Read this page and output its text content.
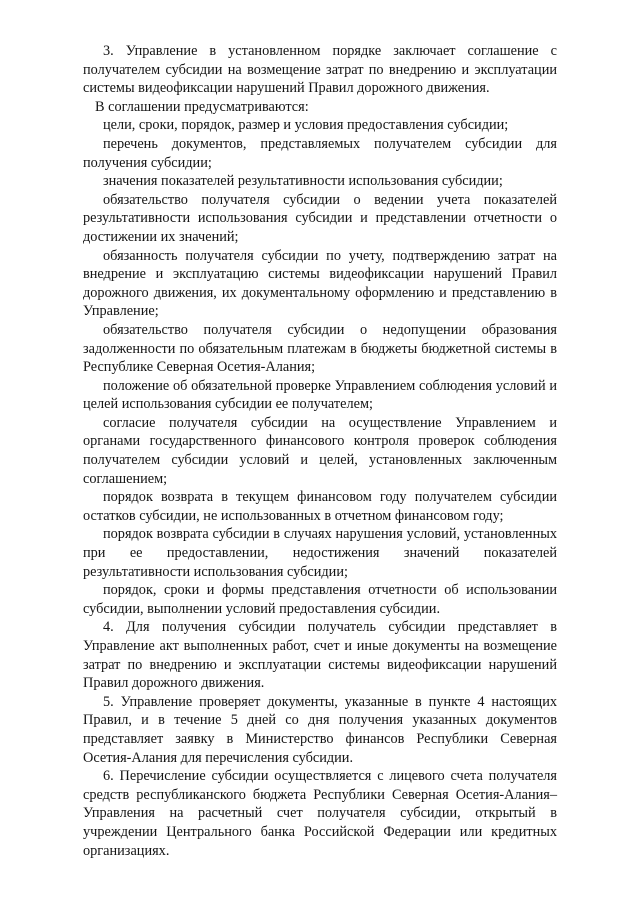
3. Управление в установленном порядке заключает соглашение с получателем субсидии на возмещение затрат по внедрению и эксплуатации системы видеофиксации нарушений Правил дорожного движения.

В соглашении предусматриваются:

цели, сроки, порядок, размер и условия предоставления субсидии;

перечень документов, представляемых получателем субсидии для получения субсидии;

значения показателей результативности использования субсидии;

обязательство получателя субсидии о ведении учета показателей результативности использования субсидии и представлении отчетности о достижении их значений;

обязанность получателя субсидии по учету, подтверждению затрат на внедрение и эксплуатацию системы видеофиксации нарушений Правил дорожного движения, их документальному оформлению и представлению в Управление;

обязательство получателя субсидии о недопущении образования задолженности по обязательным платежам в бюджеты бюджетной системы в Республике Северная Осетия-Алания;

положение об обязательной проверке Управлением соблюдения условий и целей использования субсидии ее получателем;

согласие получателя субсидии на осуществление Управлением и органами государственного финансового контроля проверок соблюдения получателем субсидии условий и целей, установленных заключенным соглашением;

порядок возврата в текущем финансовом году получателем субсидии остатков субсидии, не использованных в отчетном финансовом году;

порядок возврата субсидии в случаях нарушения условий, установленных при ее предоставлении, недостижения значений показателей результативности использования субсидии;

порядок, сроки и формы представления отчетности об использовании субсидии, выполнении условий предоставления субсидии.

4. Для получения субсидии получатель субсидии представляет в Управление акт выполненных работ, счет и иные документы на возмещение затрат по внедрению и эксплуатации системы видеофиксации нарушений Правил дорожного движения.

5. Управление проверяет документы, указанные в пункте 4 настоящих Правил, и в течение 5 дней со дня получения указанных документов представляет заявку в Министерство финансов Республики Северная Осетия-Алания для перечисления субсидии.

6. Перечисление субсидии осуществляется с лицевого счета получателя средств республиканского бюджета Республики Северная Осетия-Алания– Управления на расчетный счет получателя субсидии, открытый в учреждении Центрального банка Российской Федерации или кредитных организациях.
